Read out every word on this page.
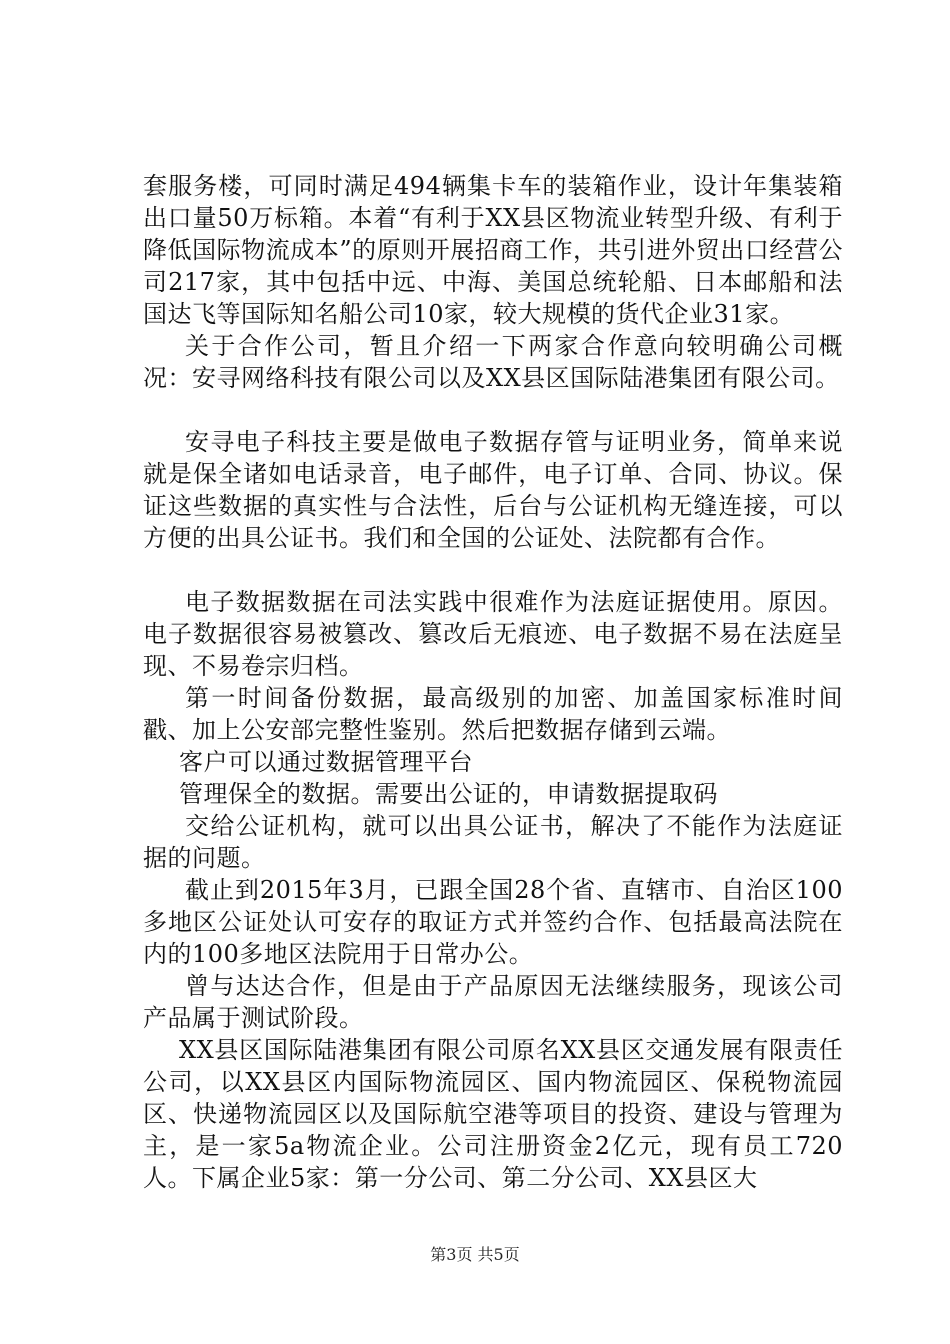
套服务楼，可同时满足494辆集卡车的装箱作业，设计年集装箱出口量50万标箱。本着“有利于XX县区物流业转型升级、有利于降低国际物流成本”的原则开展招商工作，共引进外贸出口经营公司217家，其中包括中远、中海、美国总统轮船、日本邮船和法国达飞等国际知名船公司10家，较大规模的货代企业31家。

关于合作公司，暂且介绍一下两家合作意向较明确公司概况：安寻网络科技有限公司以及XX县区国际陆港集团有限公司。

安寻电子科技主要是做电子数据存管与证明业务，简单来说就是保全诸如电话录音，电子邮件，电子订单、合同、协议。保证这些数据的真实性与合法性，后台与公证机构无缝连接，可以方便的出具公证书。我们和全国的公证处、法院都有合作。

电子数据数据在司法实践中很难作为法庭证据使用。原因。电子数据很容易被篡改、篡改后无痕迹、电子数据不易在法庭呈现、不易卷宗归档。

第一时间备份数据，最高级别的加密、加盖国家标准时间戳、加上公安部完整性鉴别。然后把数据存储到云端。

客户可以通过数据管理平台

管理保全的数据。需要出公证的，申请数据提取码

交给公证机构，就可以出具公证书，解决了不能作为法庭证据的问题。

截止到2015年3月，已跟全国28个省、直辖市、自治区100多地区公证处认可安存的取证方式并签约合作、包括最高法院在内的100多地区法院用于日常办公。

曾与达达合作，但是由于产品原因无法继续服务，现该公司产品属于测试阶段。

XX县区国际陆港集团有限公司原名XX县区交通发展有限责任公司，以XX县区内国际物流园区、国内物流园区、保税物流园区、快递物流园区以及国际航空港等项目的投资、建设与管理为主，是一家5a物流企业。公司注册资金2亿元，现有员工720人。下属企业5家：第一分公司、第二分公司、XX县区大

第3页 共5页
